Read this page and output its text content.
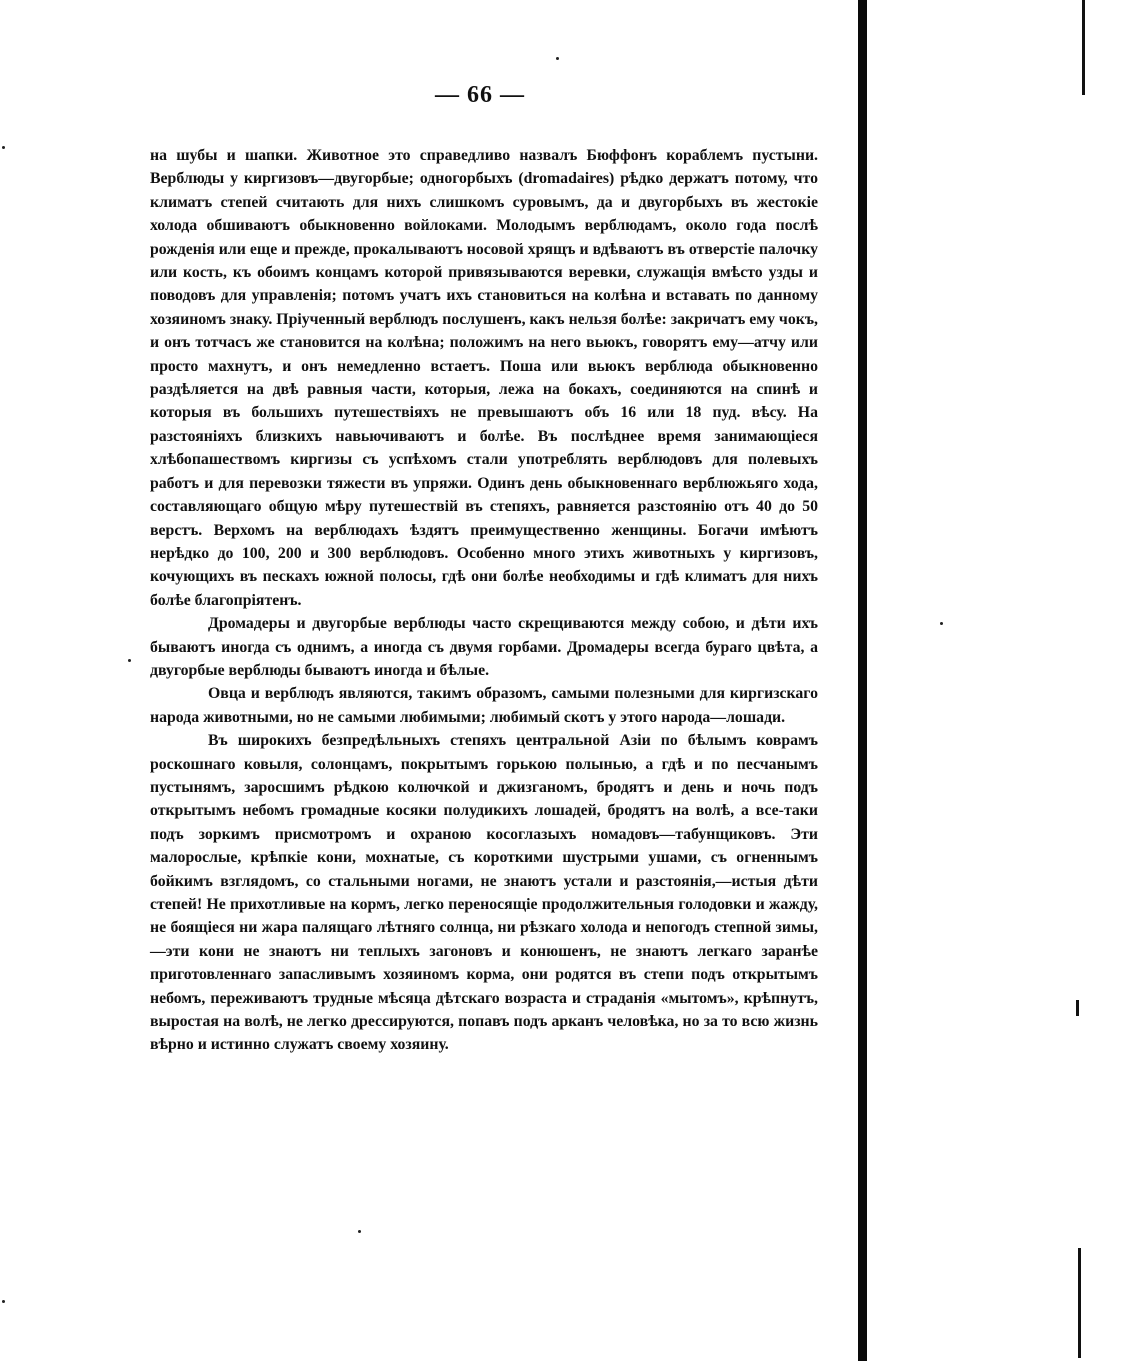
— 66 —

на шубы и шапки. Животное это справедливо назвалъ Бюффонъ кораблемъ пустыни. Верблюды у киргизовъ—двугорбые; одногорбыхъ (dromadaires) рѣдко держатъ потому, что климатъ степей считають для нихъ слишкомъ суровымъ, да и двугорбыхъ въ жестокіе холода обшиваютъ обыкновенно войлоками. Молодымъ верблюдамъ, около года послѣ рожденія или еще и прежде, прокалываютъ носовой хрящъ и вдѣваютъ въ отверстіе палочку или кость, къ обоимъ концамъ которой привязываются веревки, служащія вмѣсто узды и поводовъ для управленія; потомъ учатъ ихъ становиться на колѣна и вставать по данному хозяиномъ знаку. Пріученный верблюдъ послушенъ, какъ нельзя болѣе: закричатъ ему чокъ, и онъ тотчасъ же становится на колѣна; положимъ на него вьюкъ, говорятъ ему—атчу или просто махнутъ, и онъ немедленно встаетъ. Поша или вьюкъ верблюда обыкновенно раздѣляется на двѣ равныя части, которыя, лежа на бокахъ, соединяются на спинѣ и которыя въ большихъ путешествіяхъ не превышаютъ объ 16 или 18 пуд. вѣсу. На разстояніяхъ близкихъ навьючиваютъ и болѣе. Въ послѣднее время занимающіеся хлѣбопашествомъ киргизы съ успѣхомъ стали употреблять верблюдовъ для полевыхъ работъ и для перевозки тяжести въ упряжи. Одинъ день обыкновеннаго верблюжьяго хода, составляющаго общую мѣру путешествій въ степяхъ, равняется разстоянію отъ 40 до 50 верстъ. Верхомъ на верблюдахъ ѣздятъ преимущественно женщины. Богачи имѣютъ нерѣдко до 100, 200 и 300 верблюдовъ. Особенно много этихъ животныхъ у киргизовъ, кочующихъ въ пескахъ южной полосы, гдѣ они болѣе необходимы и гдѣ климатъ для нихъ болѣе благопріятенъ.

Дромадеры и двугорбые верблюды часто скрещиваются между собою, и дѣти ихъ бываютъ иногда съ однимъ, а иногда съ двумя горбами. Дромадеры всегда бураго цвѣта, а двугорбые верблюды бываютъ иногда и бѣлые.

Овца и верблюдъ являются, такимъ образомъ, самыми полезными для киргизскаго народа животными, но не самыми любимыми; любимый скотъ у этого народа—лошади.

Въ широкихъ безпредѣльныхъ степяхъ центральной Азіи по бѣлымъ коврамъ роскошнаго ковыля, солонцамъ, покрытымъ горькою полынью, а гдѣ и по песчанымъ пустынямъ, заросшимъ рѣдкою колючкой и джизганомъ, бродятъ и день и ночь подъ открытымъ небомъ громадные косяки полудикихъ лошадей, бродятъ на волѣ, а все-таки подъ зоркимъ присмотромъ и охраною косоглазыхъ номадовъ—табунщиковъ. Эти малорослые, крѣпкіе кони, мохнатые, съ короткими шустрыми ушами, съ огненнымъ бойкимъ взглядомъ, со стальными ногами, не знаютъ устали и разстоянія,—истыя дѣти степей! Не прихотливые на кормъ, легко переносящіе продолжительныя голодовки и жажду, не боящіеся ни жара палящаго лѣтняго солнца, ни рѣзкаго холода и непогодъ степной зимы,—эти кони не знаютъ ни теплыхъ загоновъ и конюшенъ, не знаютъ легкаго заранѣе приготовленнаго запасливымъ хозяиномъ корма, они родятся въ степи подъ открытымъ небомъ, переживаютъ трудные мѣсяца дѣтскаго возраста и страданія «мытомъ», крѣпнутъ, выростая на волѣ, не легко дрессируются, попавъ подъ арканъ человѣка, но за то всю жизнь вѣрно и истинно служатъ своему хозяину.
